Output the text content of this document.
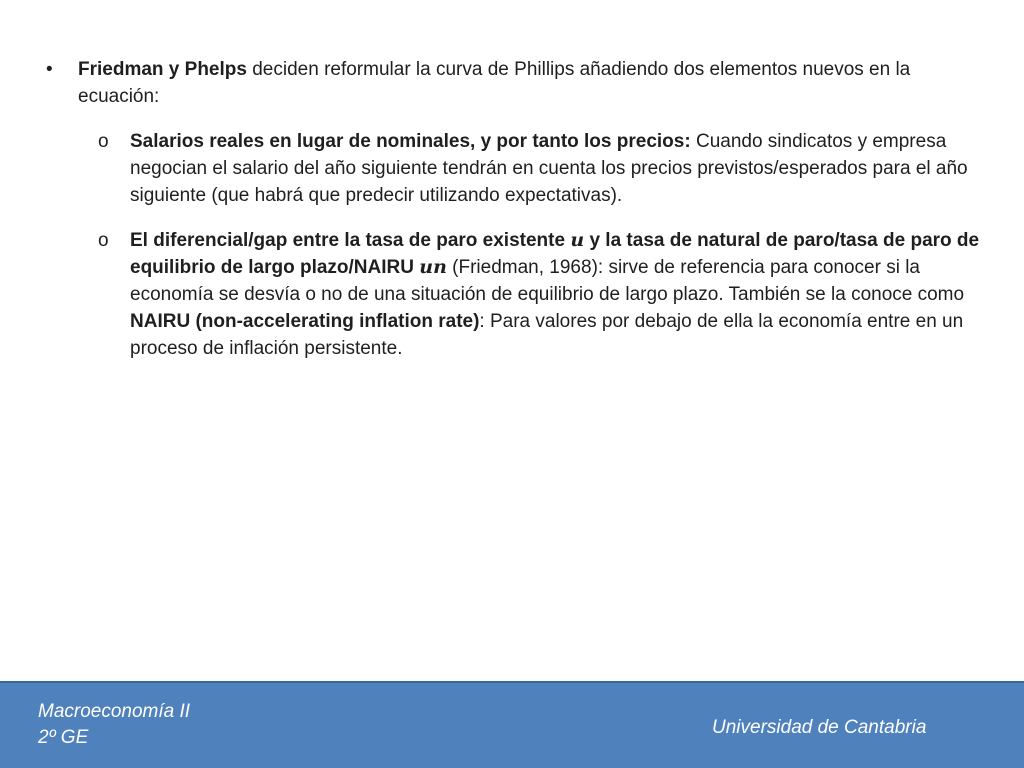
•	Friedman y Phelps deciden reformular la curva de Phillips añadiendo dos elementos nuevos en la ecuación:
o	Salarios reales en lugar de nominales, y por tanto los precios: Cuando sindicatos y empresa negocian el salario del año siguiente tendrán en cuenta los precios previstos/esperados para el año siguiente (que habrá que predecir utilizando expectativas).
o	El diferencial/gap entre la tasa de paro existente 𝒖 y la tasa de natural de paro/tasa de paro de equilibrio de largo plazo/NAIRU 𝒖𝒏 (Friedman, 1968): sirve de referencia para conocer si la economía se desvía o no de una situación de equilibrio de largo plazo. También se la conoce como NAIRU (non-accelerating inflation rate): Para valores por debajo de ella la economía entre en un proceso de inflación persistente.
Macroeconomía II
2º GE	Universidad de Cantabria
